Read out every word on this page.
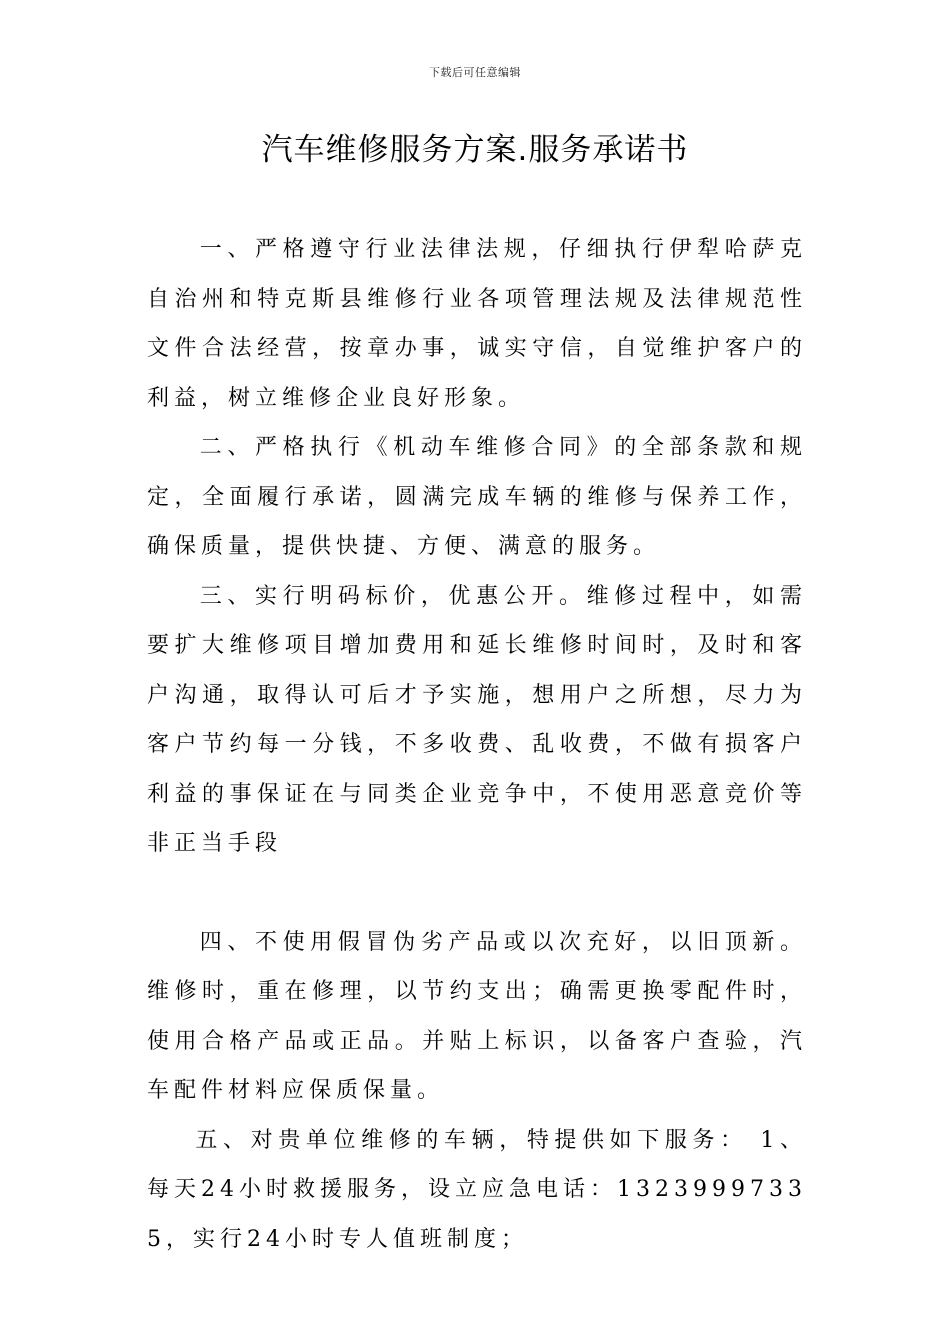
下载后可任意编辑
汽车维修服务方案.服务承诺书

一、严格遵守行业法律法规，仔细执行伊犁哈萨克自治州和特克斯县维修行业各项管理法规及法律规范性文件合法经营，按章办事，诚实守信，自觉维护客户的利益，树立维修企业良好形象。

二、严格执行《机动车维修合同》的全部条款和规定，全面履行承诺，圆满完成车辆的维修与保养工作，确保质量，提供快捷、方便、满意的服务。

三、实行明码标价，优惠公开。维修过程中，如需要扩大维修项目增加费用和延长维修时间时，及时和客户沟通，取得认可后才予实施，想用户之所想，尽力为客户节约每一分钱，不多收费、乱收费，不做有损客户利益的事保证在与同类企业竞争中，不使用恶意竞价等非正当手段

四、不使用假冒伪劣产品或以次充好，以旧顶新。维修时，重在修理，以节约支出；确需更换零配件时，使用合格产品或正品。并贴上标识，以备客户查验，汽车配件材料应保质保量。

五、对贵单位维修的车辆，特提供如下服务： 1、每天24小时救援服务，设立应急电话：13239997335，实行24小时专人值班制度；
